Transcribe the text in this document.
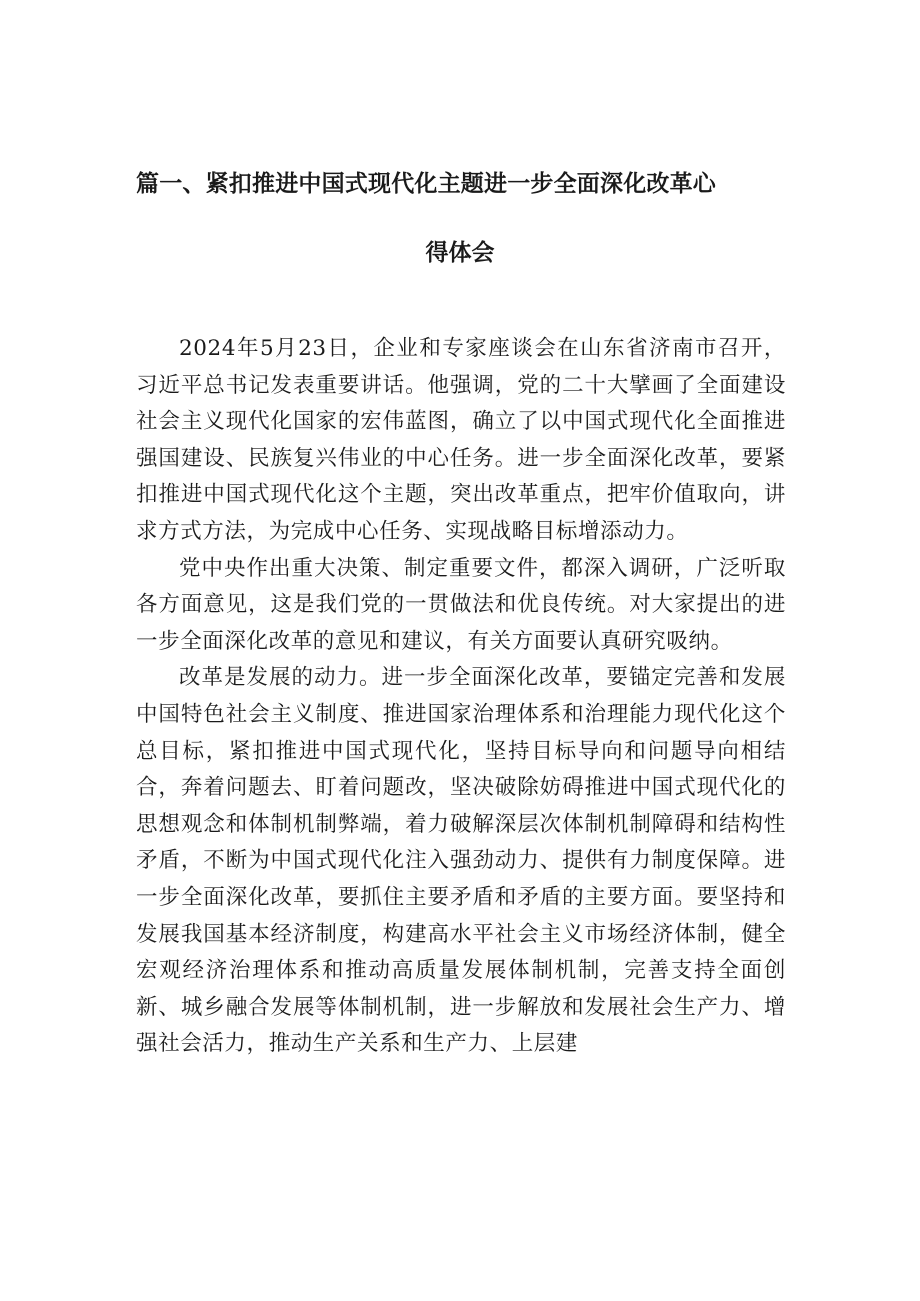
篇一、紧扣推进中国式现代化主题进一步全面深化改革心
得体会

2024年5月23日，企业和专家座谈会在山东省济南市召开，习近平总书记发表重要讲话。他强调，党的二十大擘画了全面建设社会主义现代化国家的宏伟蓝图，确立了以中国式现代化全面推进强国建设、民族复兴伟业的中心任务。进一步全面深化改革，要紧扣推进中国式现代化这个主题，突出改革重点，把牢价值取向，讲求方式方法，为完成中心任务、实现战略目标增添动力。

党中央作出重大决策、制定重要文件，都深入调研，广泛听取各方面意见，这是我们党的一贯做法和优良传统。对大家提出的进一步全面深化改革的意见和建议，有关方面要认真研究吸纳。

改革是发展的动力。进一步全面深化改革，要锚定完善和发展中国特色社会主义制度、推进国家治理体系和治理能力现代化这个总目标，紧扣推进中国式现代化，坚持目标导向和问题导向相结合，奔着问题去、盯着问题改，坚决破除妨碍推进中国式现代化的思想观念和体制机制弊端，着力破解深层次体制机制障碍和结构性矛盾，不断为中国式现代化注入强劲动力、提供有力制度保障。进一步全面深化改革，要抓住主要矛盾和矛盾的主要方面。要坚持和发展我国基本经济制度，构建高水平社会主义市场经济体制，健全宏观经济治理体系和推动高质量发展体制机制，完善支持全面创新、城乡融合发展等体制机制，进一步解放和发展社会生产力、增强社会活力，推动生产关系和生产力、上层建
